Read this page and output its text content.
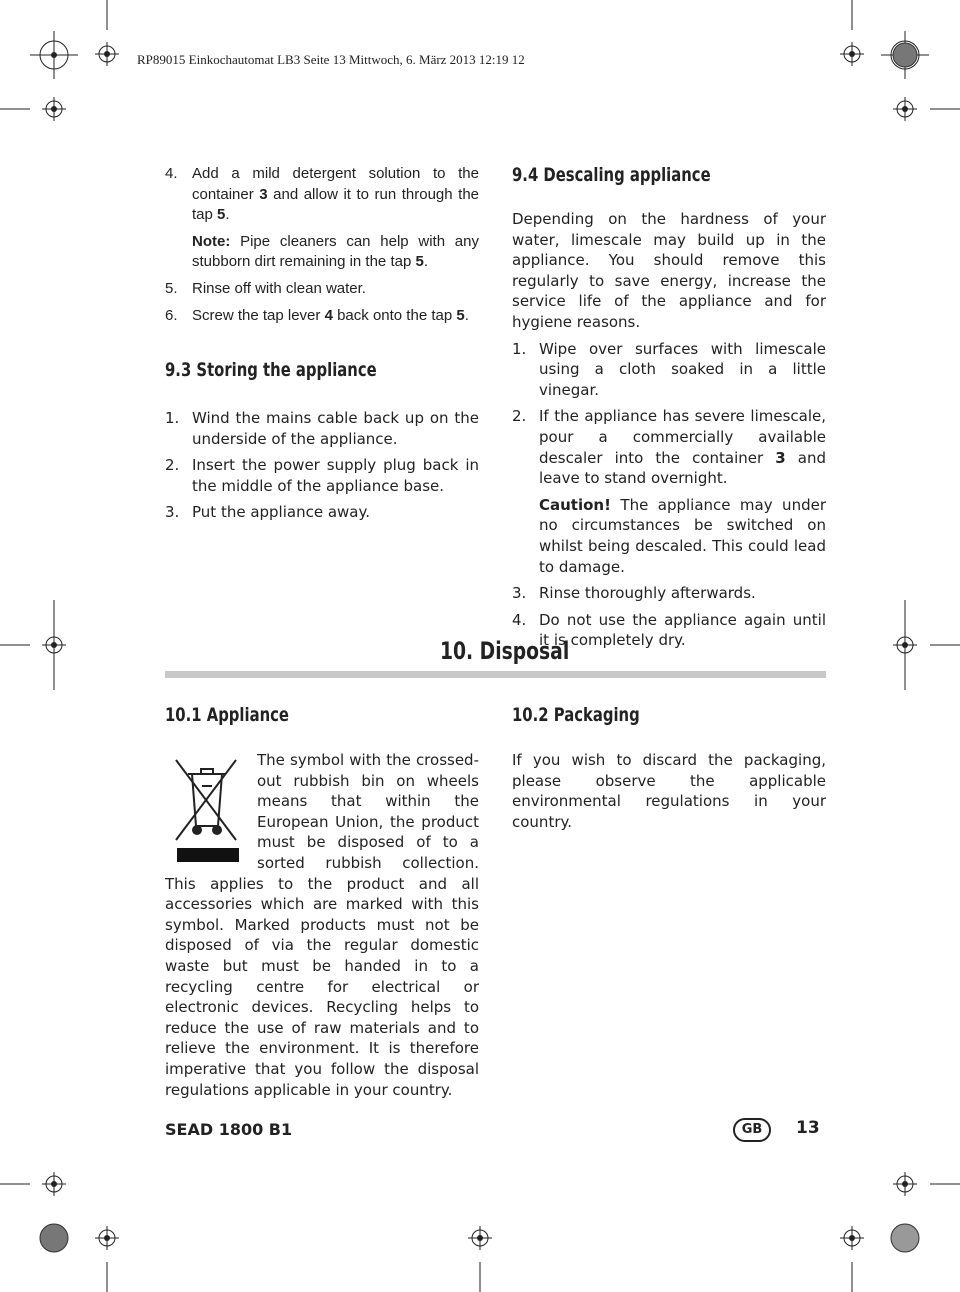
RP89015 Einkochautomat LB3 Seite 13 Mittwoch, 6. März 2013 12:19 12
4. Add a mild detergent solution to the container 3 and allow it to run through the tap 5.
Note: Pipe cleaners can help with any stubborn dirt remaining in the tap 5.
5. Rinse off with clean water.
6. Screw the tap lever 4 back onto the tap 5.
9.3 Storing the appliance
1. Wind the mains cable back up on the underside of the appliance.
2. Insert the power supply plug back in the middle of the appliance base.
3. Put the appliance away.
9.4 Descaling appliance
Depending on the hardness of your water, limescale may build up in the appliance. You should remove this regularly to save energy, increase the service life of the appliance and for hygiene reasons.
1. Wipe over surfaces with limescale using a cloth soaked in a little vinegar.
2. If the appliance has severe limescale, pour a commercially available descaler into the container 3 and leave to stand overnight.
Caution! The appliance may under no circumstances be switched on whilst being descaled. This could lead to damage.
3. Rinse thoroughly afterwards.
4. Do not use the appliance again until it is completely dry.
10. Disposal
10.1 Appliance
The symbol with the crossed-out rubbish bin on wheels means that within the European Union, the product must be disposed of to a sorted rubbish collection. This applies to the product and all accessories which are marked with this symbol. Marked products must not be disposed of via the regular domestic waste but must be handed in to a recycling centre for electrical or electronic devices. Recycling helps to reduce the use of raw materials and to relieve the environment. It is therefore imperative that you follow the disposal regulations applicable in your country.
10.2 Packaging
If you wish to discard the packaging, please observe the applicable environmental regulations in your country.
SEAD 1800 B1	GB	13
